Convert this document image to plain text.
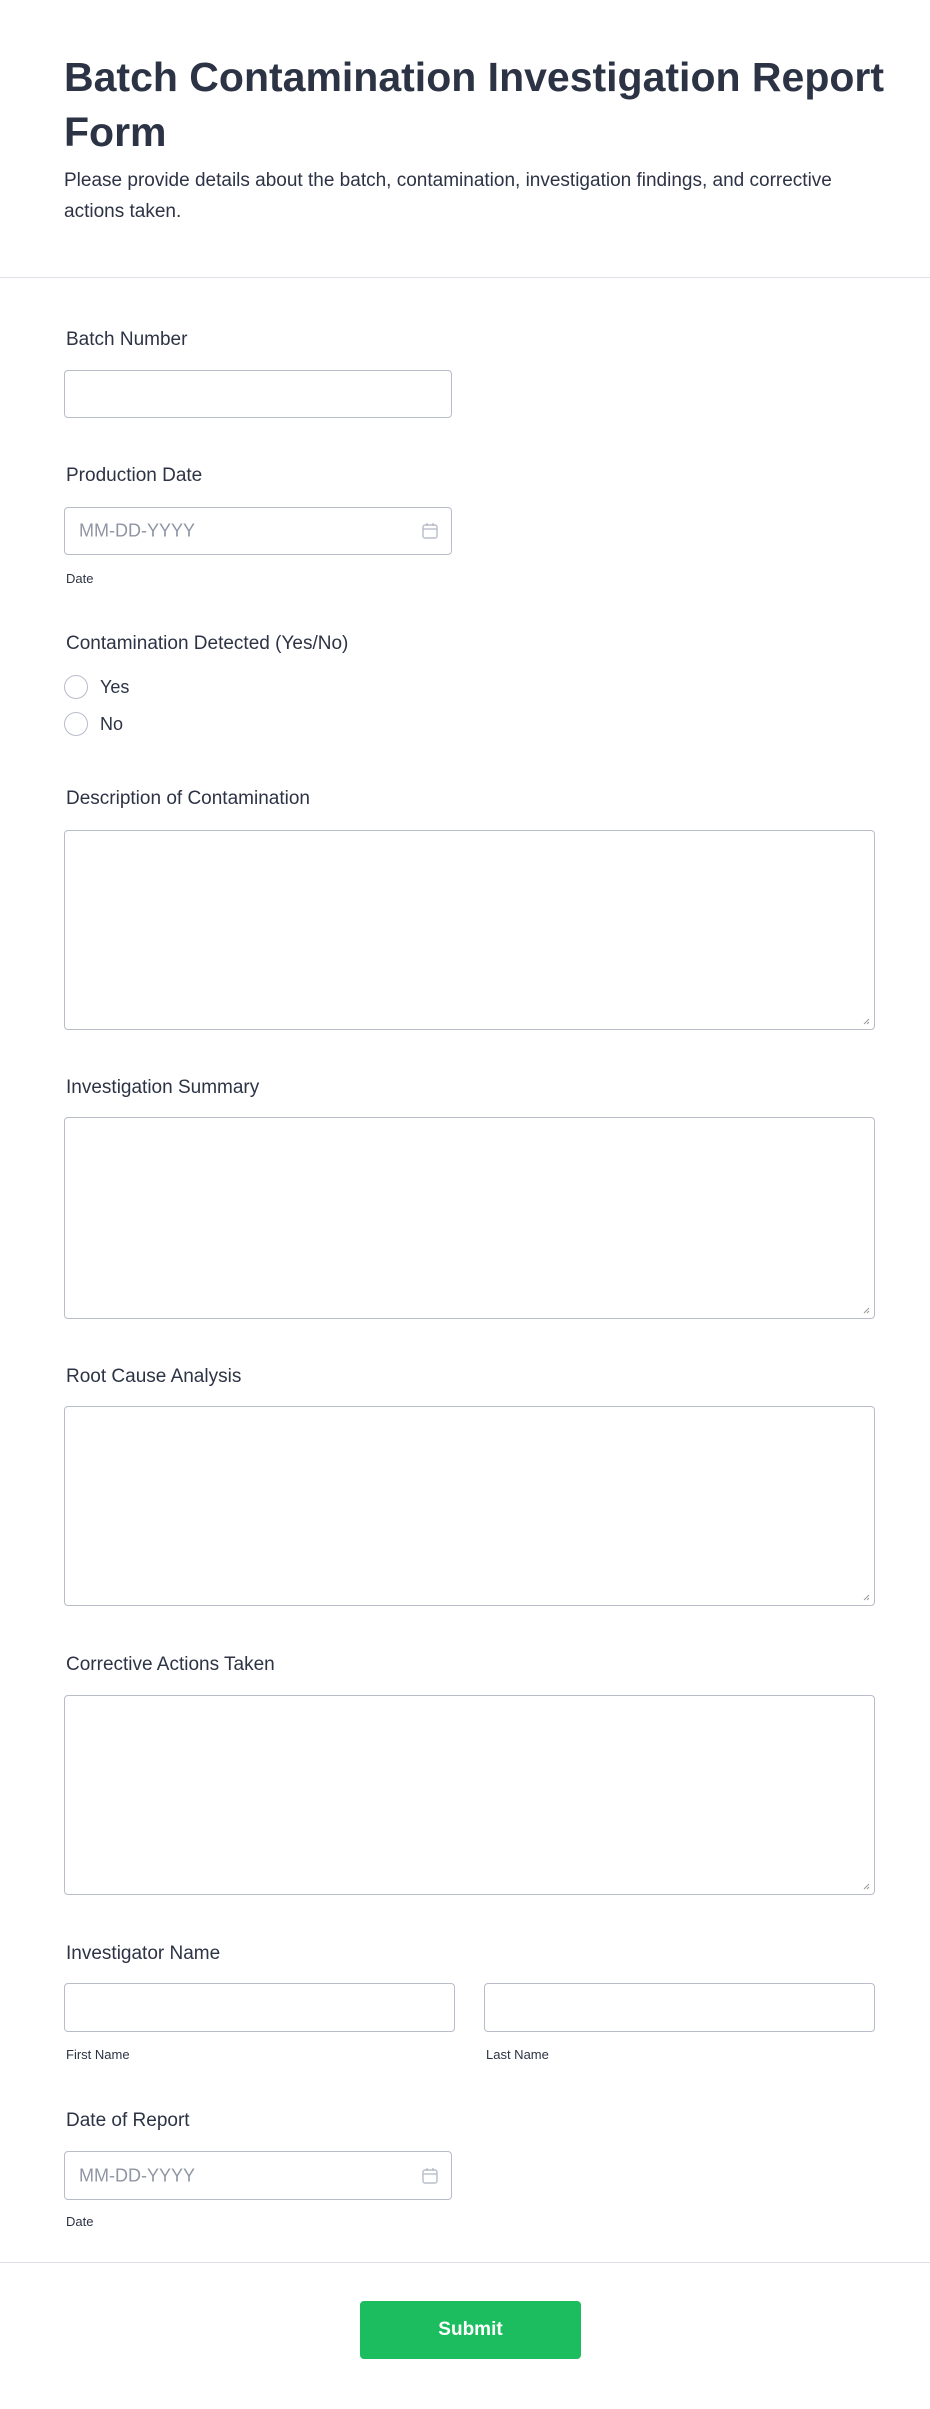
Batch Contamination Investigation Report Form
Please provide details about the batch, contamination, investigation findings, and corrective actions taken.
Batch Number
Production Date
MM-DD-YYYY
Date
Contamination Detected (Yes/No)
Yes
No
Description of Contamination
Investigation Summary
Root Cause Analysis
Corrective Actions Taken
Investigator Name
First Name	Last Name
Date of Report
MM-DD-YYYY
Date
Submit
